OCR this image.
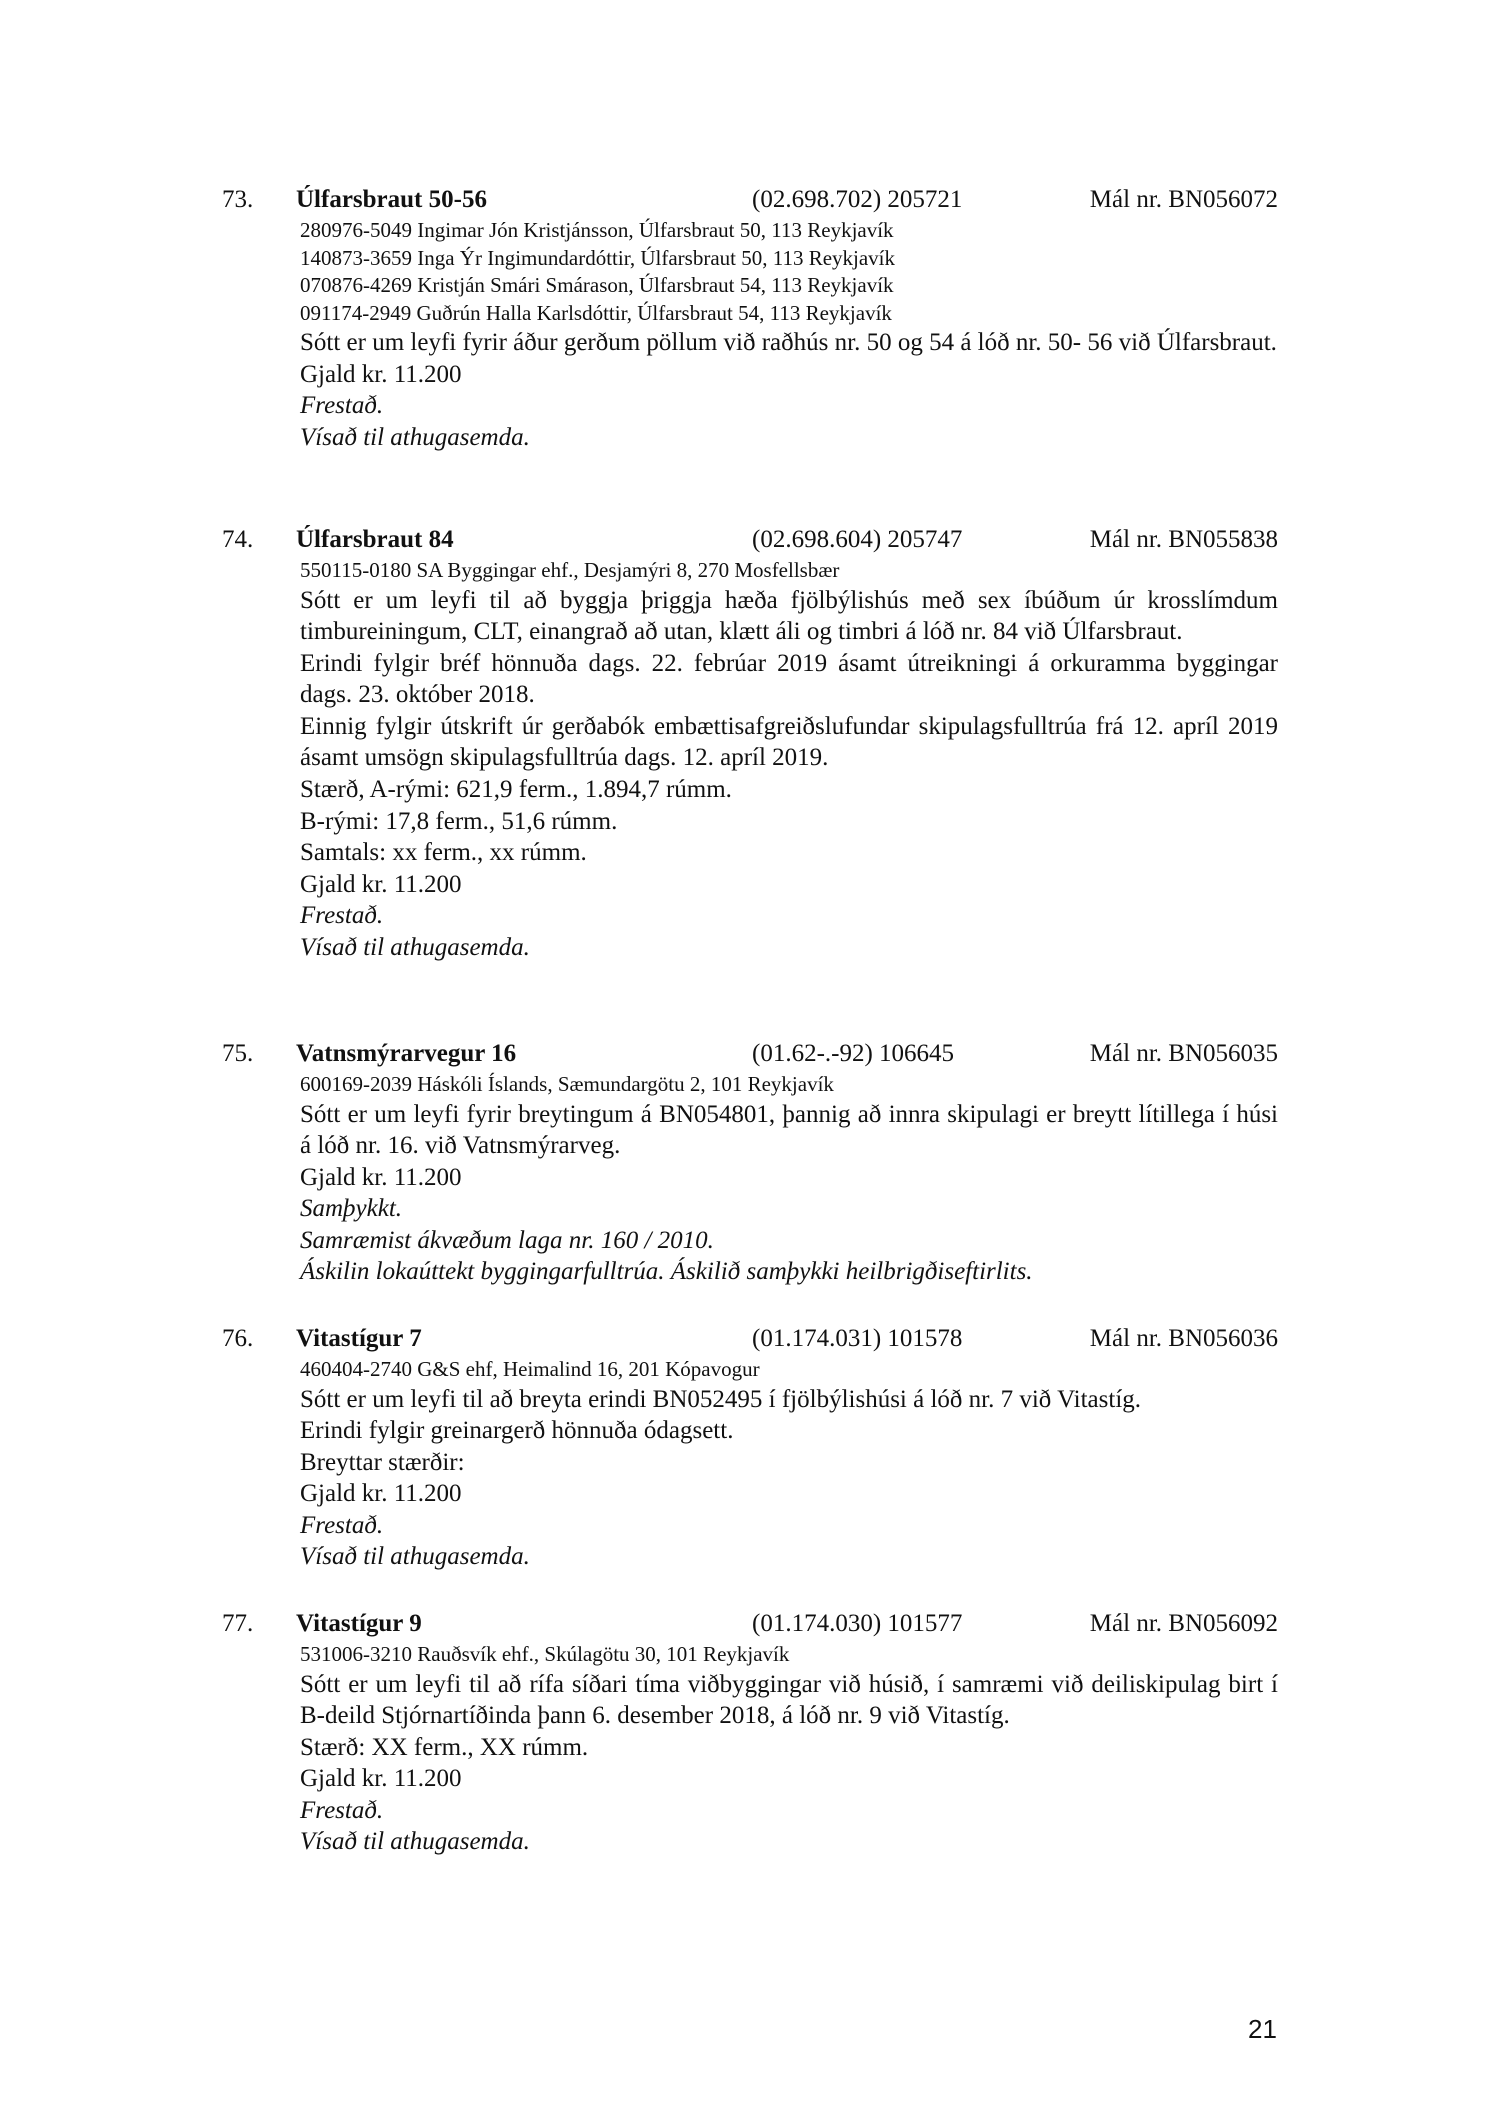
73. Úlfarsbraut 50-56	(02.698.702) 205721	Mál nr. BN056072
280976-5049 Ingimar Jón Kristjánsson, Úlfarsbraut 50, 113 Reykjavík
140873-3659 Inga Ýr Ingimundardóttir, Úlfarsbraut 50, 113 Reykjavík
070876-4269 Kristján Smári Smárason, Úlfarsbraut 54, 113 Reykjavík
091174-2949 Guðrún Halla Karlsdóttir, Úlfarsbraut 54, 113 Reykjavík

Sótt er um leyfi fyrir áður gerðum pöllum við raðhús nr. 50 og 54 á lóð nr. 50- 56 við Úlfarsbraut.

Gjald kr. 11.200

Frestað.

Vísað til athugasemda.

74. Úlfarsbraut 84	(02.698.604) 205747	Mál nr. BN055838
550115-0180 SA Byggingar ehf., Desjamýri 8, 270 Mosfellsbær

Sótt er um leyfi til að byggja þriggja hæða fjölbýlishús með sex íbúðum úr krosslímdum timbureiningum, CLT, einangrað að utan, klætt áli og timbri á lóð nr. 84 við Úlfarsbraut.

Erindi fylgir bréf hönnuða dags. 22. febrúar 2019 ásamt útreikningi á orkuramma byggingar dags. 23. október 2018.

Einnig fylgir útskrift úr gerðabók embættisafgreiðslufundar skipulagsfulltrúa frá 12. apríl 2019 ásamt umsögn skipulagsfulltrúa dags. 12. apríl 2019.

Stærð, A-rými: 621,9 ferm., 1.894,7 rúmm.

B-rými: 17,8 ferm., 51,6 rúmm.

Samtals: xx ferm., xx rúmm.

Gjald kr. 11.200

Frestað.

Vísað til athugasemda.

75. Vatnsmýrarvegur 16	(01.62-.-92) 106645	Mál nr. BN056035
600169-2039 Háskóli Íslands, Sæmundargötu 2, 101 Reykjavík

Sótt er um leyfi fyrir breytingum á BN054801, þannig að innra skipulagi er breytt lítillega í húsi á lóð nr. 16. við Vatnsmýrarveg.

Gjald kr. 11.200

Samþykkt.

Samræmist ákvæðum laga nr. 160 / 2010.

Áskilin lokaúttekt byggingarfulltrúa. Áskilið samþykki heilbrigðiseftirlits.

76. Vitastígur 7	(01.174.031) 101578	Mál nr. BN056036
460404-2740 G&S ehf, Heimalind 16, 201 Kópavogur

Sótt er um leyfi til að breyta erindi BN052495 í fjölbýlishúsi á lóð nr. 7 við Vitastíg.

Erindi fylgir greinargerð hönnuða ódagsett.

Breyttar stærðir:

Gjald kr. 11.200

Frestað.

Vísað til athugasemda.

77. Vitastígur 9	(01.174.030) 101577	Mál nr. BN056092
531006-3210 Rauðsvík ehf., Skúlagötu 30, 101 Reykjavík

Sótt er um leyfi til að rífa síðari tíma viðbyggingar við húsið, í samræmi við deiliskipulag birt í B-deild Stjórnartíðinda þann 6. desember 2018, á lóð nr. 9 við Vitastíg.

Stærð: XX ferm., XX rúmm.

Gjald kr. 11.200

Frestað.

Vísað til athugasemda.

21
